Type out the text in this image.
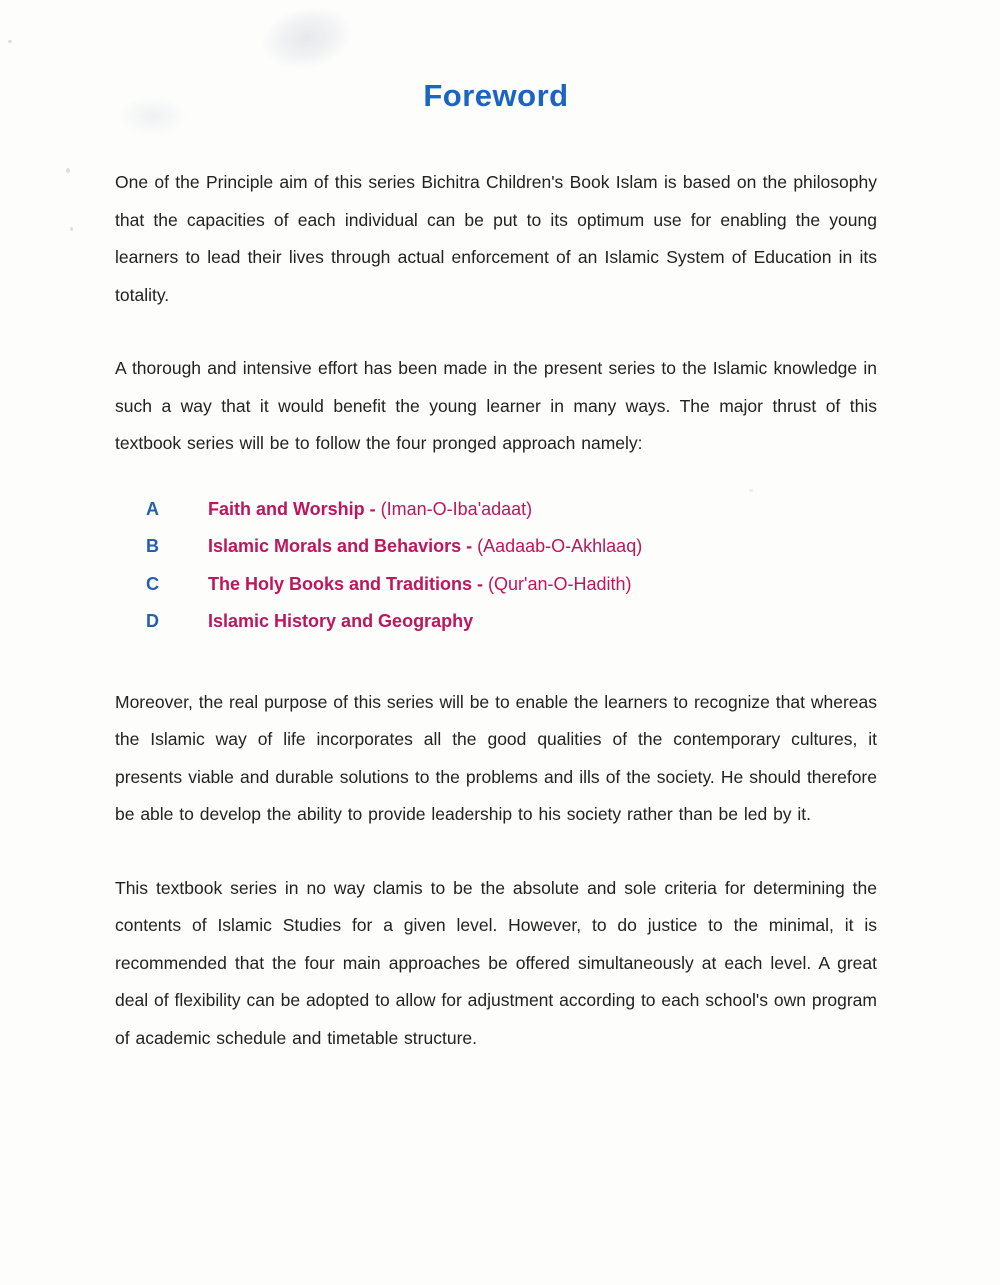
Foreword

One of the Principle aim of this series Bichitra Children's Book Islam is based on the philosophy that the capacities of each individual can be put to its optimum use for enabling the young learners to lead their lives through actual enforcement of an Islamic System of Education in its totality.

A thorough and intensive effort has been made in the present series to the Islamic knowledge in such a way that it would benefit the young learner in many ways. The major thrust of this textbook series will be to follow the four pronged approach namely:

A	Faith and Worship - (Iman-O-Iba'adaat)
B	Islamic Morals and Behaviors - (Aadaab-O-Akhlaaq)
C	The Holy Books and Traditions - (Qur'an-O-Hadith)
D	Islamic History and Geography

Moreover, the real purpose of this series will be to enable the learners to recognize that whereas the Islamic way of life incorporates all the good qualities of the contemporary cultures, it presents viable and durable solutions to the problems and ills of the society. He should therefore be able to develop the ability to provide leadership to his society rather than be led by it.

This textbook series in no way clamis to be the absolute and sole criteria for determining the contents of Islamic Studies for a given level. However, to do justice to the minimal, it is recommended that the four main approaches be offered simultaneously at each level. A great deal of flexibility can be adopted to allow for adjustment according to each school's own program of academic schedule and timetable structure.
